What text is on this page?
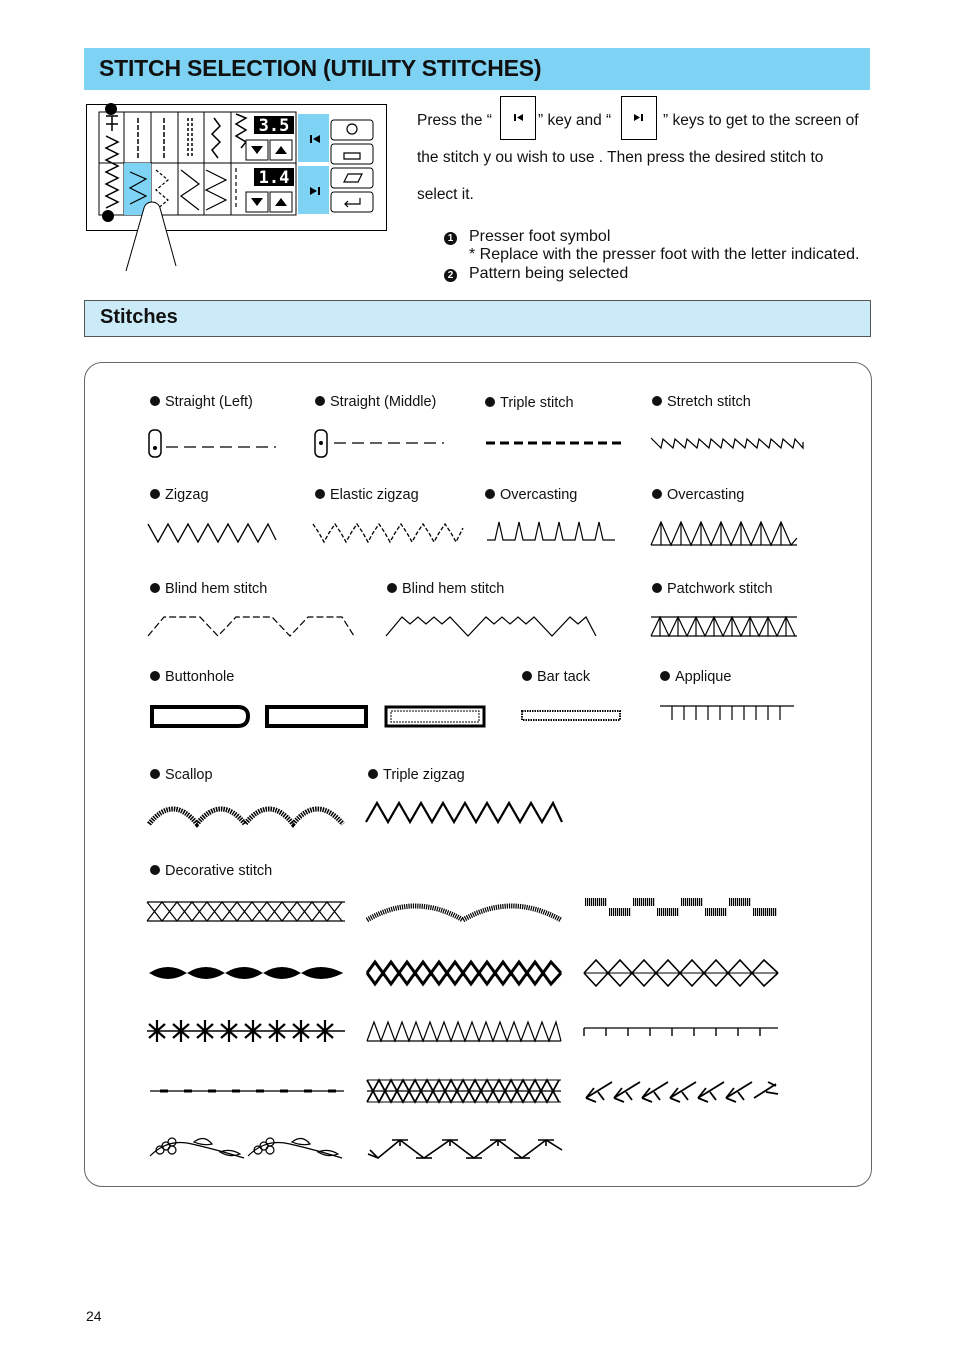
STITCH SELECTION (UTILITY STITCHES)
3.5
1.4
Press the “	” key and “	” keys to get to the screen of
the stitch y ou wish to use . Then press the desired stitch to
select it.
1 Presser foot symbol
* Replace with the presser foot with the letter indicated.
2 Pattern being selected
Stitches
Straight (Left)	Straight (Middle)	Triple stitch	Stretch stitch
Zigzag	Elastic zigzag	Overcasting	Overcasting
Blind hem stitch	Blind hem stitch	Patchwork stitch
Buttonhole	Bar tack	Applique
Scallop	Triple zigzag
Decorative stitch
24
